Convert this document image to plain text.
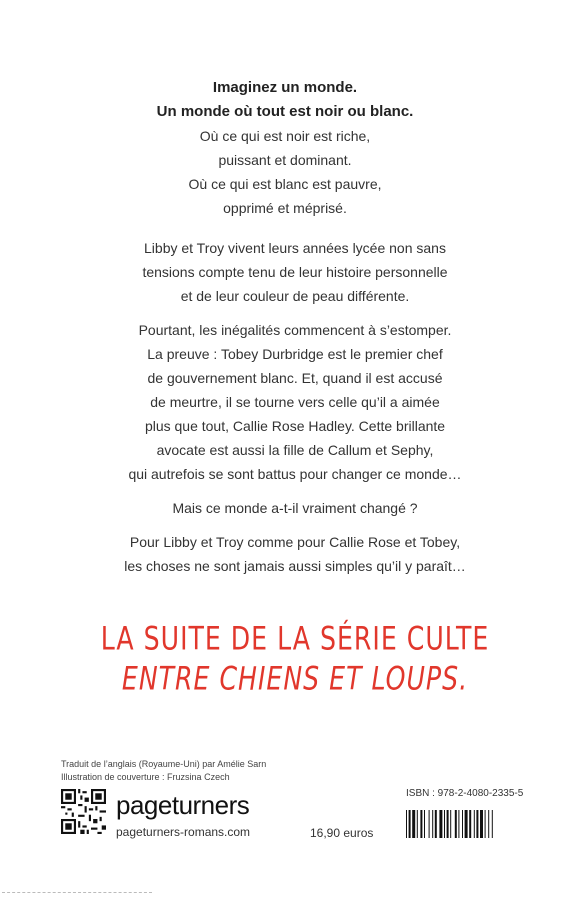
Imaginez un monde.
Un monde où tout est noir ou blanc.
Où ce qui est noir est riche,
puissant et dominant.
Où ce qui est blanc est pauvre,
opprimé et méprisé.
Libby et Troy vivent leurs années lycée non sans
tensions compte tenu de leur histoire personnelle
et de leur couleur de peau différente.
Pourtant, les inégalités commencent à s’estomper.
La preuve : Tobey Durbridge est le premier chef
de gouvernement blanc. Et, quand il est accusé
de meurtre, il se tourne vers celle qu’il a aimée
plus que tout, Callie Rose Hadley. Cette brillante
avocate est aussi la fille de Callum et Sephy,
qui autrefois se sont battus pour changer ce monde…
Mais ce monde a-t-il vraiment changé ?
Pour Libby et Troy comme pour Callie Rose et Tobey,
les choses ne sont jamais aussi simples qu’il y paraît…
LA SUITE DE LA SÉRIE CULTE
ENTRE CHIENS ET LOUPS.
Traduit de l’anglais (Royaume-Uni) par Amélie Sarn
Illustration de couverture : Fruzsina Czech
pageturners
pageturners-romans.com	16,90 euros
ISBN : 978-2-4080-2335-5
